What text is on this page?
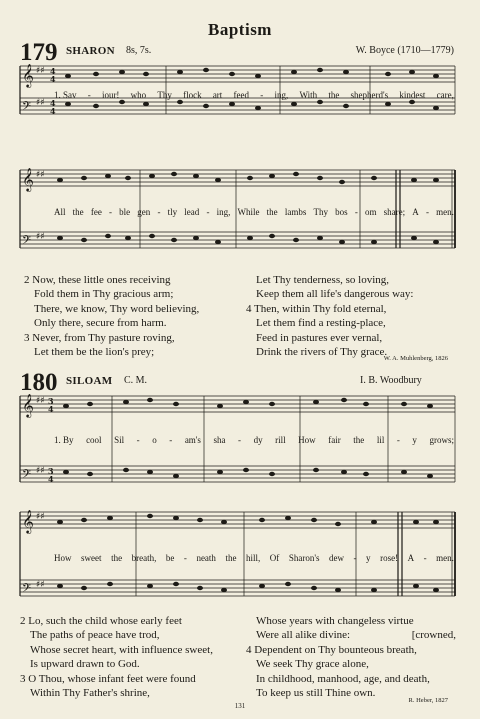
Baptism
179 SHARON 8s, 7s.	W. Boyce (1710—1779)
𝄞
𝄢
♯♯
♯♯
4
4
4
4
1. Sav - iour! who Thy flock art feed - ing, With the shepherd's kindest care,
𝄞
𝄢
♯♯
♯♯
All the fee - ble gen - tly lead - ing, While the lambs Thy bos - om share; A - men.

2 Now, these little ones receiving

Fold them in Thy gracious arm;

There, we know, Thy word believing,

Only there, secure from harm.

3 Never, from Thy pasture roving,

Let them be the lion's prey;

Let Thy tenderness, so loving,

Keep them all life's dangerous way:

4 Then, within Thy fold eternal,

Let them find a resting-place,

Feed in pastures ever vernal,

Drink the rivers of Thy grace.

W. A. Muhlenberg, 1826
180 SILOAM C. M.	I. B. Woodbury
𝄞
𝄢
♯♯
♯♯
3
4
3
4
1. By cool Sil - o - am's sha - dy rill How fair the lil - y grows;
𝄞
𝄢
♯♯
♯♯
How sweet the breath, be - neath the hill, Of Sharon's dew - y rose! A - men.

2 Lo, such the child whose early feet

The paths of peace have trod,

Whose secret heart, with influence sweet,

Is upward drawn to God.

3 O Thou, whose infant feet were found

Within Thy Father's shrine,

Whose years with changeless virtue

Were all alike divine:	[crowned,

4 Dependent on Thy bounteous breath,

We seek Thy grace alone,

In childhood, manhood, age, and death,

To keep us still Thine own.

R. Heber, 1827
131
